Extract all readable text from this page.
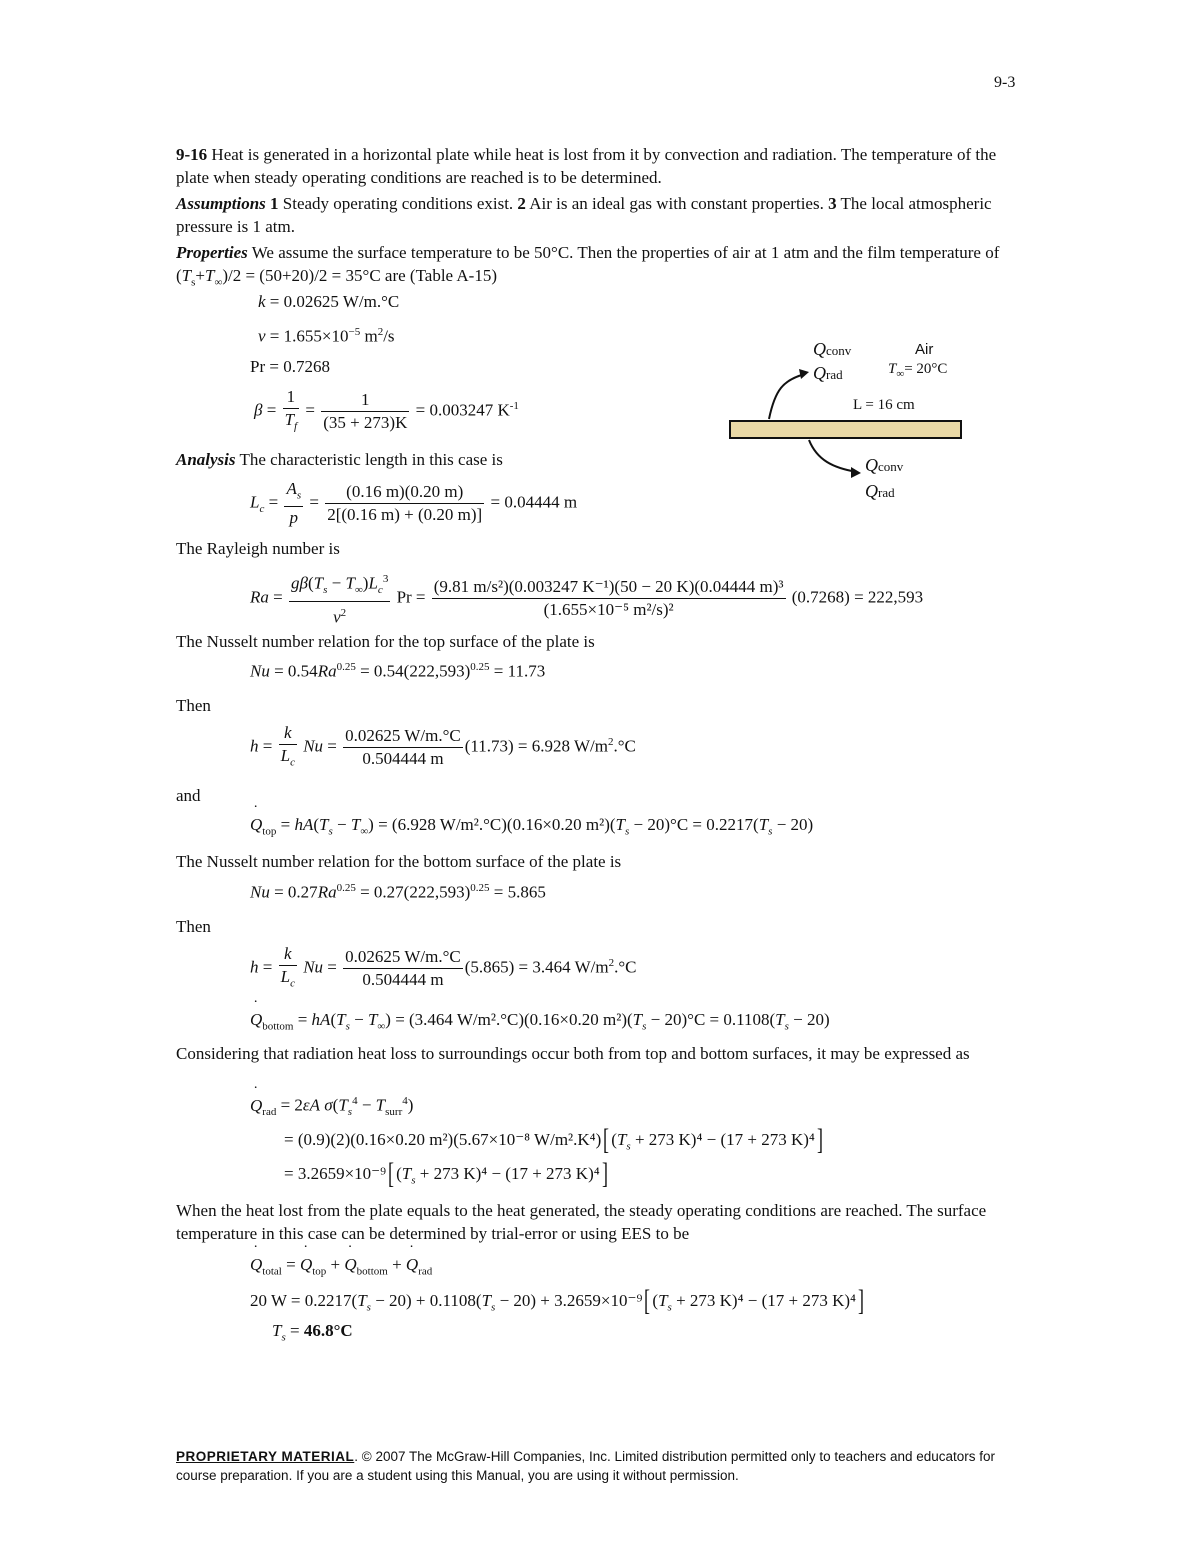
9-3
9-16 Heat is generated in a horizontal plate while heat is lost from it by convection and radiation. The temperature of the plate when steady operating conditions are reached is to be determined.
Assumptions 1 Steady operating conditions exist. 2 Air is an ideal gas with constant properties. 3 The local atmospheric pressure is 1 atm.
Properties We assume the surface temperature to be 50°C. Then the properties of air at 1 atm and the film temperature of $(T_s+T_\infty)/2 = (50+20)/2 = 35^\circ C$ are (Table A-15)
k = 0.02625 W/m.°C
$\nu = 1.655\times 10^{-5}$ $m^2/s$
Pr = 0.7268
$\beta = \frac{1}{T_f} = \frac{1}{(35 + 273)K} = 0.003247$ $K^{-1}$
Analysis The characteristic length in this case is
$L_c = \frac{A_s}{p} = \frac{(0.16 m)(0.20 m)}{2[(0.16 m) + (0.20 m)]} = 0.04444$ m
The Rayleigh number is
$Ra = \frac{g\beta(T_s - T_\infty)L_c^3}{\nu^2}$ $Pr = \frac{\text{(9.81 m/s²)(0.003247 K⁻¹)(50 − 20 K)(0.04444 m)³}}{\text{(1.655×10⁻⁵ m²/s)²}} (0.7268) = 222,593$
The Nusselt number relation for the top surface of the plate is
$Nu = 0.54Ra^{0.25} = 0.54(222,593)^{0.25} = 11.73$
Then
$h = \frac{k}{L_c}$ $Nu = \frac{0.02625 W/m.^\circ C}{0.504444 m} (11.73) = 6.928$ $W/m^2.^\circ C$
and
˙ $Q_{top} = hA(T_s - T_\infty) = (6.928$ W/m².°C)(0.16×0.20 $m^2)(T_s - 20)^\circ C = 0.2217(T_s - 20)$
The Nusselt number relation for the bottom surface of the plate is
$Nu = 0.27Ra^{0.25} = 0.27(222,593)^{0.25} = 5.865$
Then
$h = \frac{k}{L_c}$ $Nu = \frac{0.02625 W/m.^\circ C}{0.504444 m} (5.865) = 3.464$ $W/m^2.^\circ C$
˙ $Q_{bottom} = hA(T_s - T_\infty) = (3.464$ W/m².°C)(0.16×0.20 $m^2)(T_s - 20)^\circ C = 0.1108(T_s - 20)$
Considering that radiation heat loss to surroundings occur both from top and bottom surfaces, it may be expressed as
˙ $Q_{rad} = 2\varepsilon A$ $\sigma(T_s^4 - T_{surr}^4)$
= (0.9)(2)(0.16×0.20 m²)(5.67×10⁻⁸ W/m².K⁴)[ ($T_s + 273$ K)⁴ − (17 + 273 K)⁴]
= 3.2659×10⁻⁹[ ($T_s + 273$ K)⁴ − (17 + 273 K)⁴]
When the heat lost from the plate equals to the heat generated, the steady operating conditions are reached. The surface temperature in this case can be determined by trial-error or using EES to be
˙ $Q_{total}$ = ˙ $Q_{top}$ + ˙ $Q_{bottom}$ + ˙ $Q_{rad}$
20 $W = 0.2217(T_s - 20) + 0.1108(T_s - 20) + 3.2659\times 10^{-9}$[ ($T_s + 273$ K)⁴ − (17 + 273 K)⁴]
$T_s = 46.8^\circ C$
Qconv
Qrad
Air
$T_\infty= 20^\circ C$
L = 16 cm
Qconv
Qrad
PROPRIETARY MATERIAL. © 2007 The McGraw-Hill Companies, Inc. Limited distribution permitted only to teachers and educators for course preparation. If you are a student using this Manual, you are using it without permission.
